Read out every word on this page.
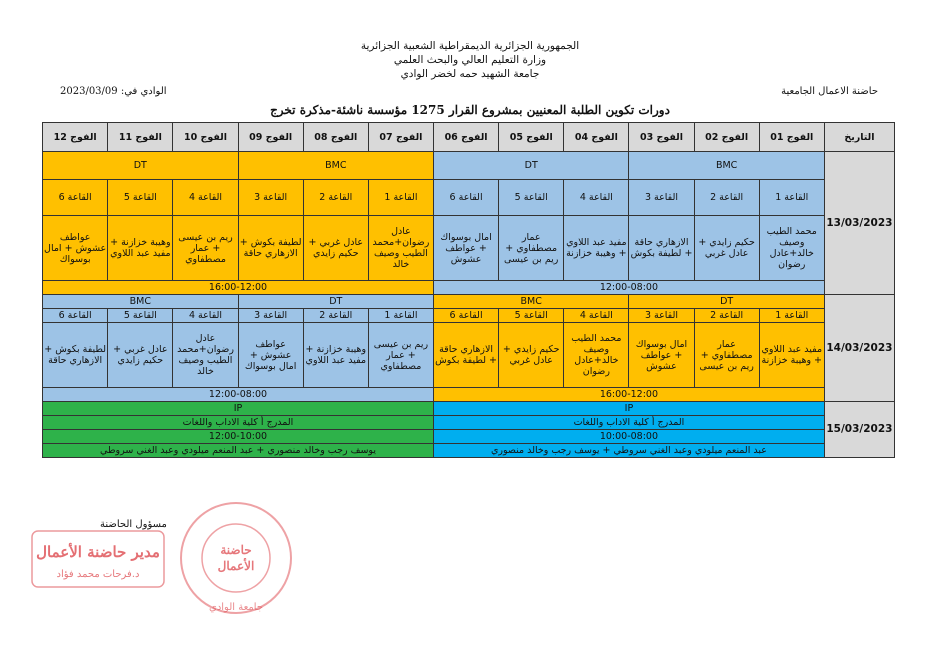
الجمهورية الجزائرية الديمقراطية الشعبية الجزائرية
وزارة التعليم العالي والبحث العلمي
جامعة الشهيد حمه لخضر الوادي
الوادي في: 2023/03/09	حاضنة الاعمال الجامعية
دورات تكوين الطلبة المعنيين بمشروع القرار 1275 مؤسسة ناشئة-مذكرة تخرج
التاريخ	الفوج 01	الفوج 02	الفوج 03	الفوج 04	الفوج 05	الفوج 06	الفوج 07	الفوج 08	الفوج 09	الفوج 10	الفوج 11	الفوج 12
13/03/2023	BMC			DT			BMC			DT		
	القاعة 1	القاعة 2	القاعة 3	القاعة 4	القاعة 5	القاعة 6	القاعة 1	القاعة 2	القاعة 3	القاعة 4	القاعة 5	القاعة 6
	محمد الطيب وصيف خالد+عادل رضوان	حكيم زايدي + عادل غربي	الازهاري حاقة + لطيفة بكوش	مفيد عبد اللاوي + وهيبة خزازنة	عمار مصطفاوي + ريم بن عيسى	امال بوسواك + عواطف عشوش	عادل رضوان+محمد الطيب وصيف خالد	عادل غربي + حكيم زايدي	لطيفة بكوش + الازهاري حاقة	ريم بن عيسى + عمار مصطفاوي	وهيبة خزازنة + مفيد عبد اللاوي	عواطف عشوش + امال بوسواك
	12:00-08:00						16:00-12:00					
14/03/2023	DT			BMC			DT			BMC		
	القاعة 1	القاعة 2	القاعة 3	القاعة 4	القاعة 5	القاعة 6	القاعة 1	القاعة 2	القاعة 3	القاعة 4	القاعة 5	القاعة 6
	مفيد عبد اللاوي + وهيبة خزازنة	عمار مصطفاوي + ريم بن عيسى	امال بوسواك + عواطف عشوش	محمد الطيب وصيف خالد+عادل رضوان	حكيم زايدي + عادل غربي	الازهاري حاقة + لطيفة بكوش	ريم بن عيسى + عمار مصطفاوي	وهيبة خزازنة + مفيد عبد اللاوي	عواطف عشوش + امال بوسواك	عادل رضوان+محمد الطيب وصيف خالد	عادل غربي + حكيم زايدي	لطيفة بكوش + الازهاري حاقة
	16:00-12:00						12:00-08:00					
15/03/2023	IP						IP					
	المدرج أ كلية الاداب واللغات						المدرج أ كلية الاداب واللغات					
	10:00-08:00						12:00-10:00					
	عبد المنعم ميلودي وعبد الغني سروطي + يوسف رجب وخالد منصوري						يوسف رجب وخالد منصوري + عبد المنعم ميلودي وعبد الغني سروطي					
مسؤول الحاضنة
مدير حاضنة الأعمال
د.فرحات محمد فؤاد
حاضنة
الأعمال
جامعة الوادي
